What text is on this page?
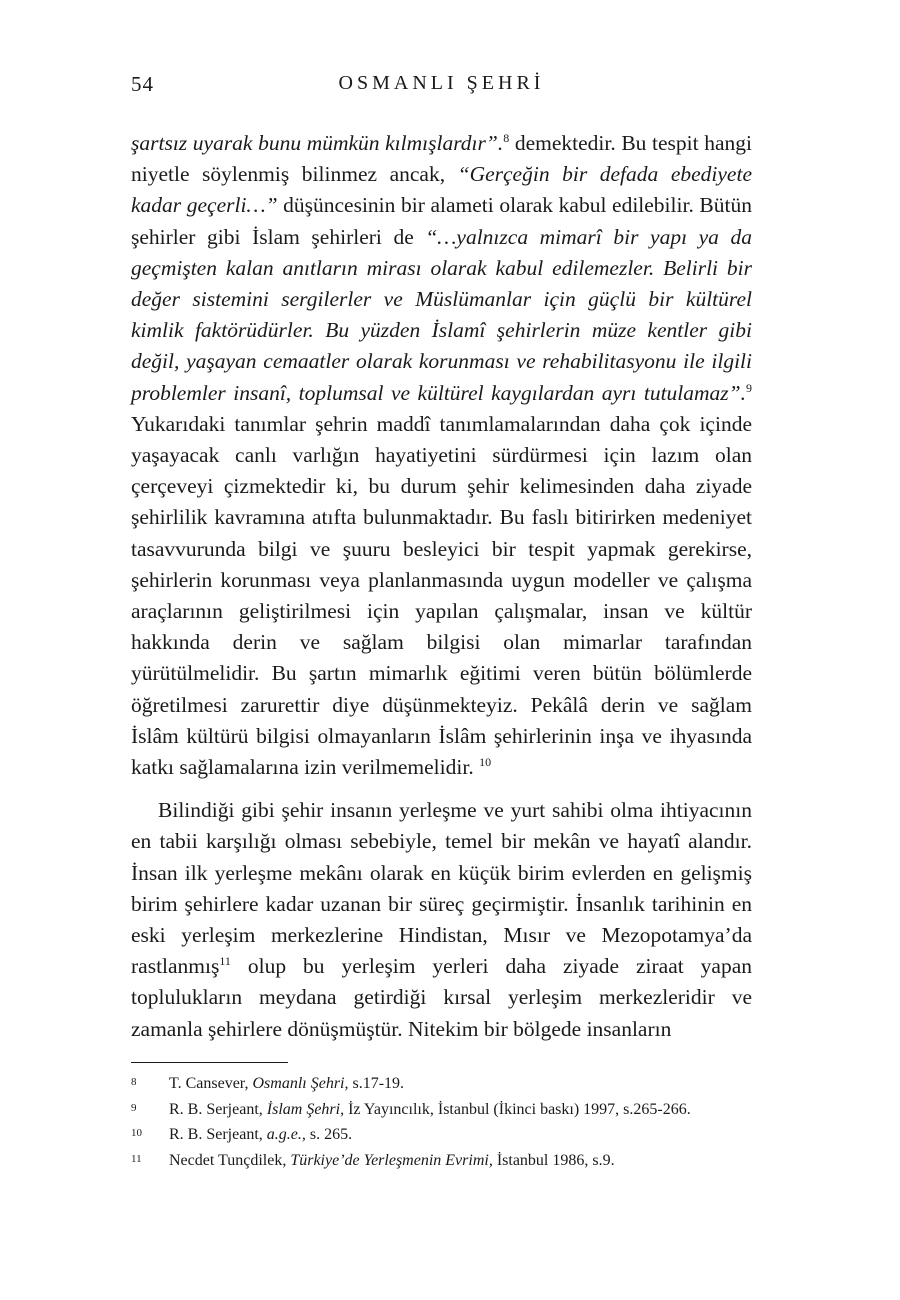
54	OSMANLI ŞEHRİ

şartsız uyarak bunu mümkün kılmışlardır”.$^8$ demektedir. Bu tespit hangi niyetle söylenmiş bilinmez ancak, “Gerçeğin bir defada ebediyete kadar geçerli…” düşüncesinin bir alameti olarak kabul edilebilir. Bütün şehirler gibi İslam şehirleri de “…yalnızca mimarî bir yapı ya da geçmişten kalan anıtların mirası olarak kabul edilemezler. Belirli bir değer sistemini sergilerler ve Müslümanlar için güçlü bir kültürel kimlik faktörüdürler. Bu yüzden İslamî şehirlerin müze kentler gibi değil, yaşayan cemaatler olarak korunması ve rehabilitasyonu ile ilgili problemler insanî, toplumsal ve kültürel kaygılardan ayrı tutulamaz”.$^9$ Yukarıdaki tanımlar şehrin maddî tanımlamalarından daha çok içinde yaşayacak canlı varlığın hayatiyetini sürdürmesi için lazım olan çerçeveyi çizmektedir ki, bu durum şehir kelimesinden daha ziyade şehirlilik kavramına atıfta bulunmaktadır. Bu faslı bitirirken medeniyet tasavvurunda bilgi ve şuuru besleyici bir tespit yapmak gerekirse, şehirlerin korunması veya planlanmasında uygun modeller ve çalışma araçlarının geliştirilmesi için yapılan çalışmalar, insan ve kültür hakkında derin ve sağlam bilgisi olan mimarlar tarafından yürütülmelidir. Bu şartın mimarlık eğitimi veren bütün bölümlerde öğretilmesi zarurettir diye düşünmekteyiz. Pekâlâ derin ve sağlam İslâm kültürü bilgisi olmayanların İslâm şehirlerinin inşa ve ihyasında katkı sağlamalarına izin verilmemelidir. $^{10}$

Bilindiği gibi şehir insanın yerleşme ve yurt sahibi olma ihtiyacının en tabii karşılığı olması sebebiyle, temel bir mekân ve hayatî alandır. İnsan ilk yerleşme mekânı olarak en küçük birim evlerden en gelişmiş birim şehirlere kadar uzanan bir süreç geçirmiştir. İnsanlık tarihinin en eski yerleşim merkezlerine Hindistan, Mısır ve Mezopotamya’da rastlanmış$^{11}$ olup bu yerleşim yerleri daha ziyade ziraat yapan toplulukların meydana getirdiği kırsal yerleşim merkezleridir ve zamanla şehirlere dönüşmüştür. Nitekim bir bölgede insanların

8 T. Cansever, Osmanlı Şehri, s.17-19.
9 R. B. Serjeant, İslam Şehri, İz Yayıncılık, İstanbul (İkinci baskı) 1997, s.265-266.
10 R. B. Serjeant, a.g.e., s. 265.
11 Necdet Tunçdilek, Türkiye’de Yerleşmenin Evrimi, İstanbul 1986, s.9.
